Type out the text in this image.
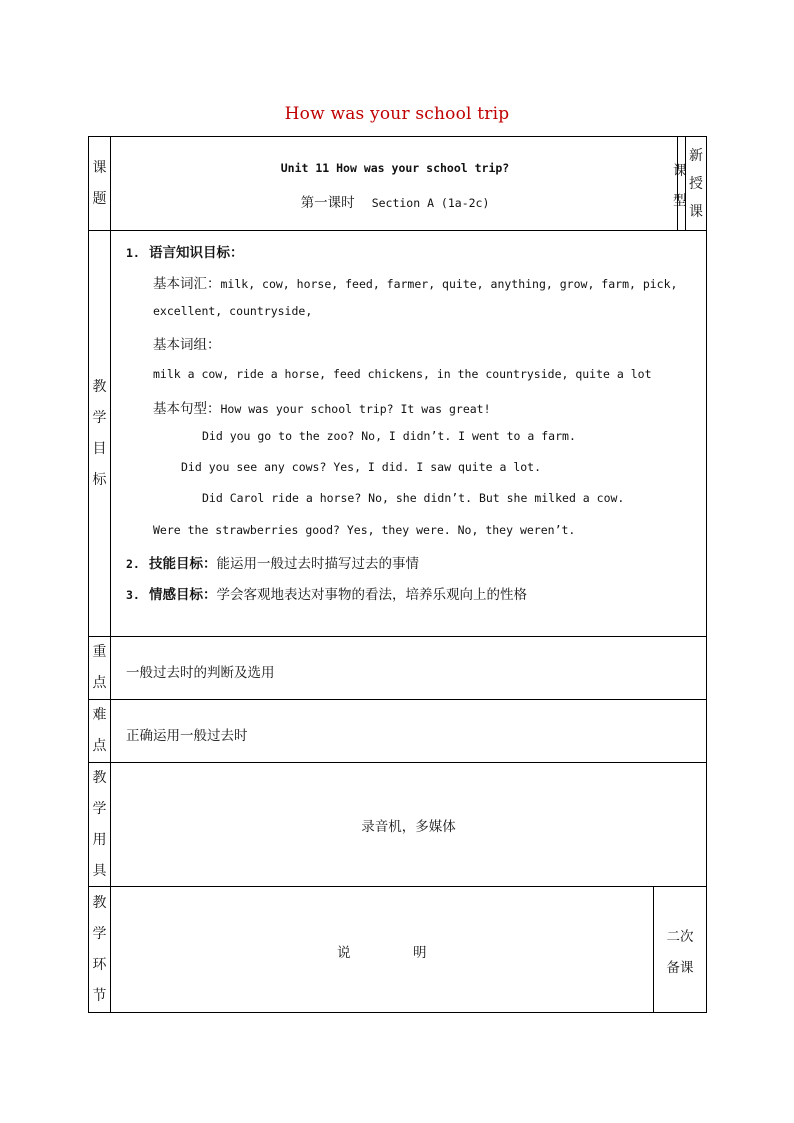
How was your school trip
课
题
Unit 11 How was your school trip?
第一课时 Section A (1a-2c)
课
型
新
授
课
教
学
目
标
1. 语言知识目标：
基本词汇：milk, cow, horse, feed, farmer, quite, anything, grow, farm, pick,
excellent, countryside,
基本词组：
milk a cow, ride a horse, feed chickens, in the countryside, quite a lot
基本句型：How was your school trip? It was great!
Did you go to the zoo? No, I didn’t. I went to a farm.
Did you see any cows? Yes, I did. I saw quite a lot.
Did Carol ride a horse? No, she didn’t. But she milked a cow.
Were the strawberries good? Yes, they were. No, they weren’t.
2. 技能目标：能运用一般过去时描写过去的事情
3. 情感目标：学会客观地表达对事物的看法，培养乐观向上的性格
重
点
一般过去时的判断及选用
难
点
正确运用一般过去时
教
学
用
具
录音机，多媒体
教
学
环
节
说	明
二次
备课
